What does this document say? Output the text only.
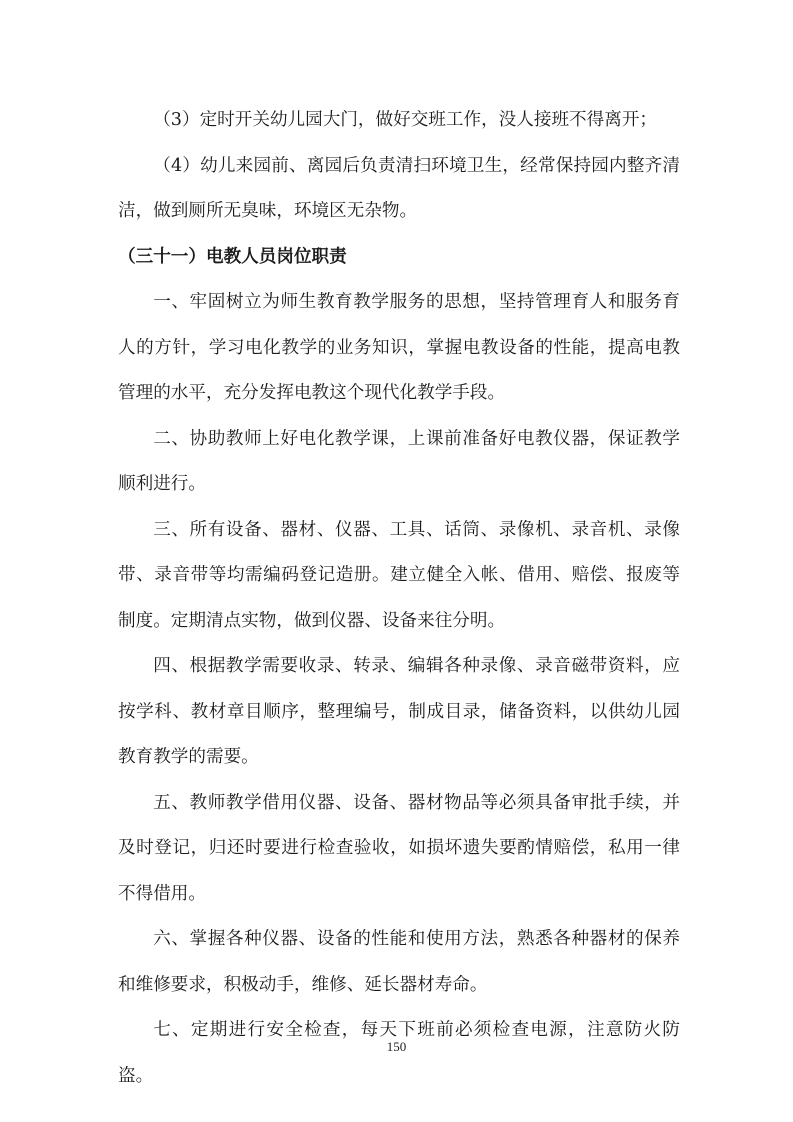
（3）定时开关幼儿园大门，做好交班工作，没人接班不得离开；

（4）幼儿来园前、离园后负责清扫环境卫生，经常保持园内整齐清洁，做到厕所无臭味，环境区无杂物。

（三十一）电教人员岗位职责

一、牢固树立为师生教育教学服务的思想，坚持管理育人和服务育人的方针，学习电化教学的业务知识，掌握电教设备的性能，提高电教管理的水平，充分发挥电教这个现代化教学手段。

二、协助教师上好电化教学课，上课前准备好电教仪器，保证教学顺利进行。

三、所有设备、器材、仪器、工具、话筒、录像机、录音机、录像带、录音带等均需编码登记造册。建立健全入帐、借用、赔偿、报废等制度。定期清点实物，做到仪器、设备来往分明。

四、根据教学需要收录、转录、编辑各种录像、录音磁带资料，应按学科、教材章目顺序，整理编号，制成目录，储备资料，以供幼儿园教育教学的需要。

五、教师教学借用仪器、设备、器材物品等必须具备审批手续，并及时登记，归还时要进行检查验收，如损坏遗失要酌情赔偿，私用一律不得借用。

六、掌握各种仪器、设备的性能和使用方法，熟悉各种器材的保养和维修要求，积极动手，维修、延长器材寿命。

七、定期进行安全检查，每天下班前必须检查电源，注意防火防盗。

150
